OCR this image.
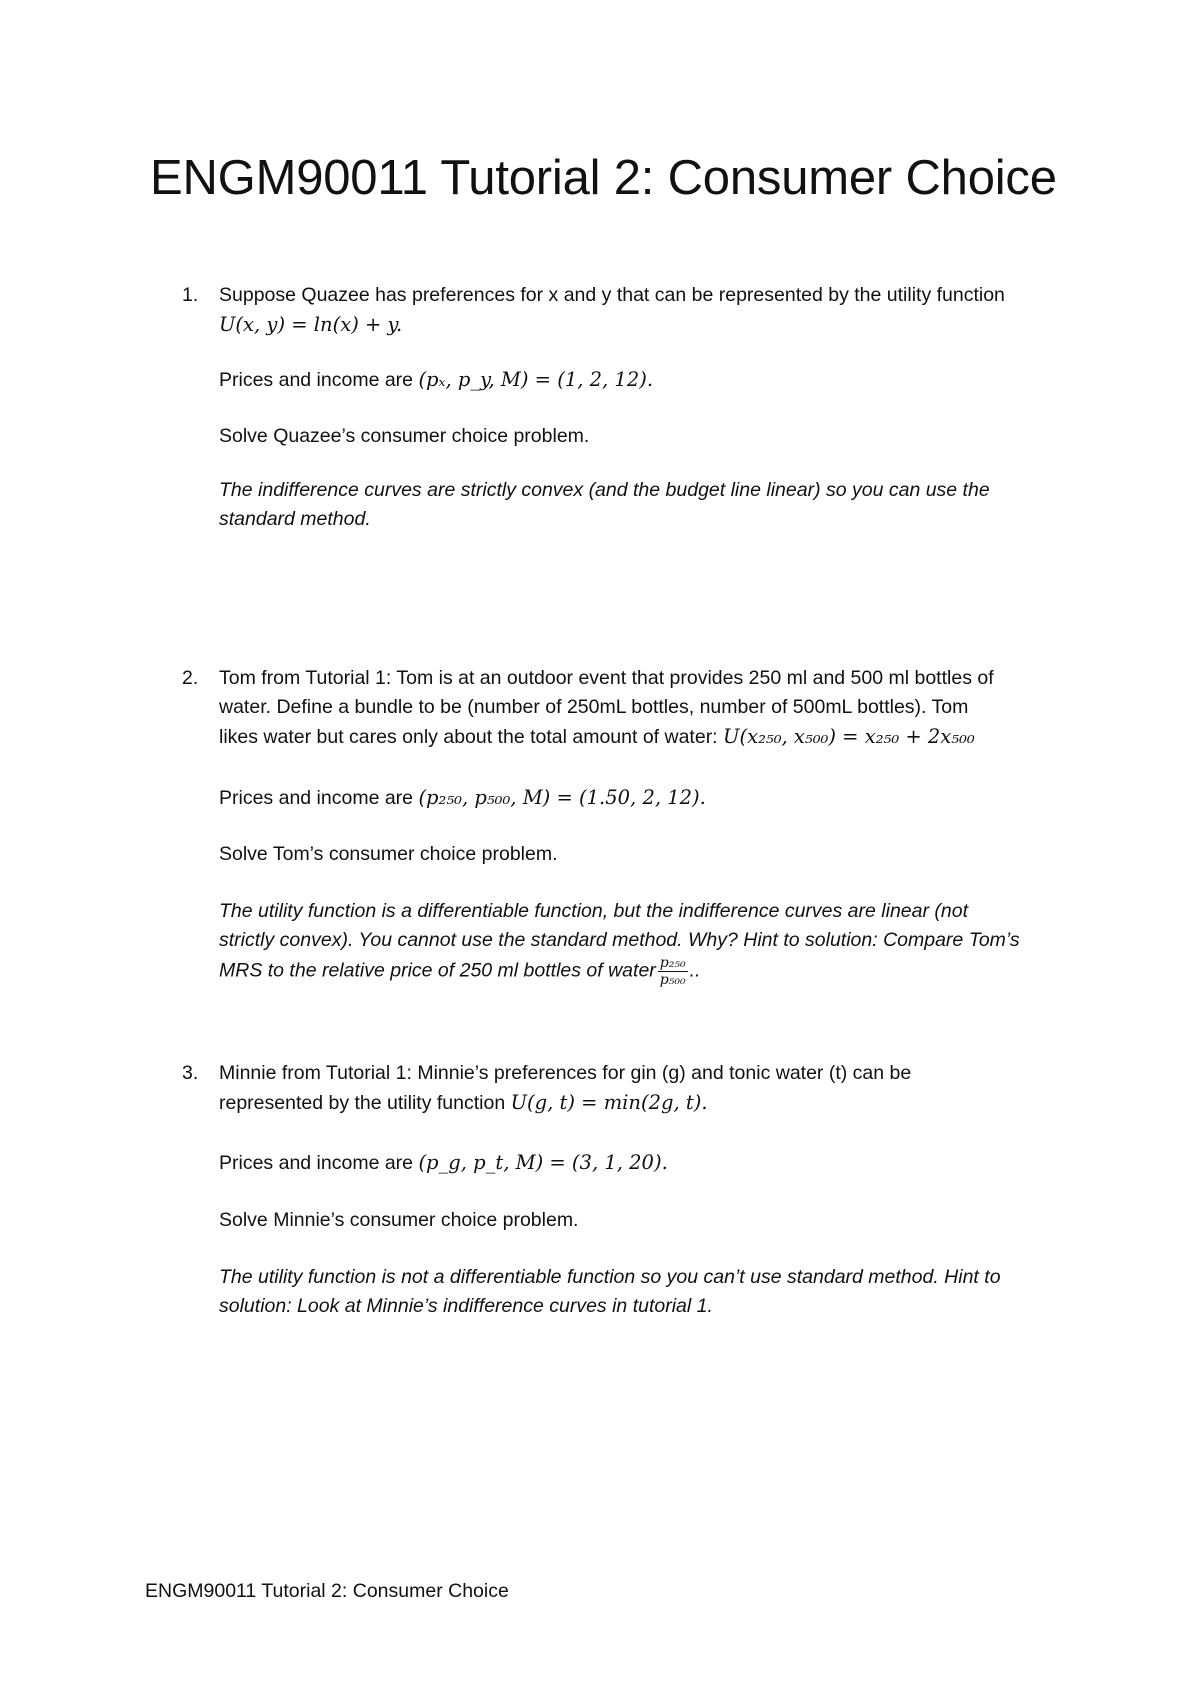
ENGM90011 Tutorial 2: Consumer Choice
1. Suppose Quazee has preferences for x and y that can be represented by the utility function
U(x, y) = ln(x) + y.

Prices and income are (pₓ, p_y, M) = (1, 2, 12).

Solve Quazee’s consumer choice problem.

The indifference curves are strictly convex (and the budget line linear) so you can use the standard method.

2. Tom from Tutorial 1: Tom is at an outdoor event that provides 250 ml and 500 ml bottles of
water. Define a bundle to be (number of 250mL bottles, number of 500mL bottles). Tom
likes water but cares only about the total amount of water: U(x₂₅₀, x₅₀₀) = x₂₅₀ + 2x₅₀₀

Prices and income are (p₂₅₀, p₅₀₀, M) = (1.50, 2, 12).

Solve Tom’s consumer choice problem.

The utility function is a differentiable function, but the indifference curves are linear (not
strictly convex). You cannot use the standard method. Why? Hint to solution: Compare Tom’s
MRS to the relative price of 250 ml bottles of water $\frac{\text{p₂₅₀}}{\text{p₅₀₀}}$ ..

3. Minnie from Tutorial 1: Minnie’s preferences for gin (g) and tonic water (t) can be
represented by the utility function U(g, t) = min(2g, t).

Prices and income are (p_g, p_t, M) = (3, 1, 20).

Solve Minnie’s consumer choice problem.

The utility function is not a differentiable function so you can’t use standard method. Hint to solution: Look at Minnie’s indifference curves in tutorial 1.

ENGM90011 Tutorial 2: Consumer Choice
